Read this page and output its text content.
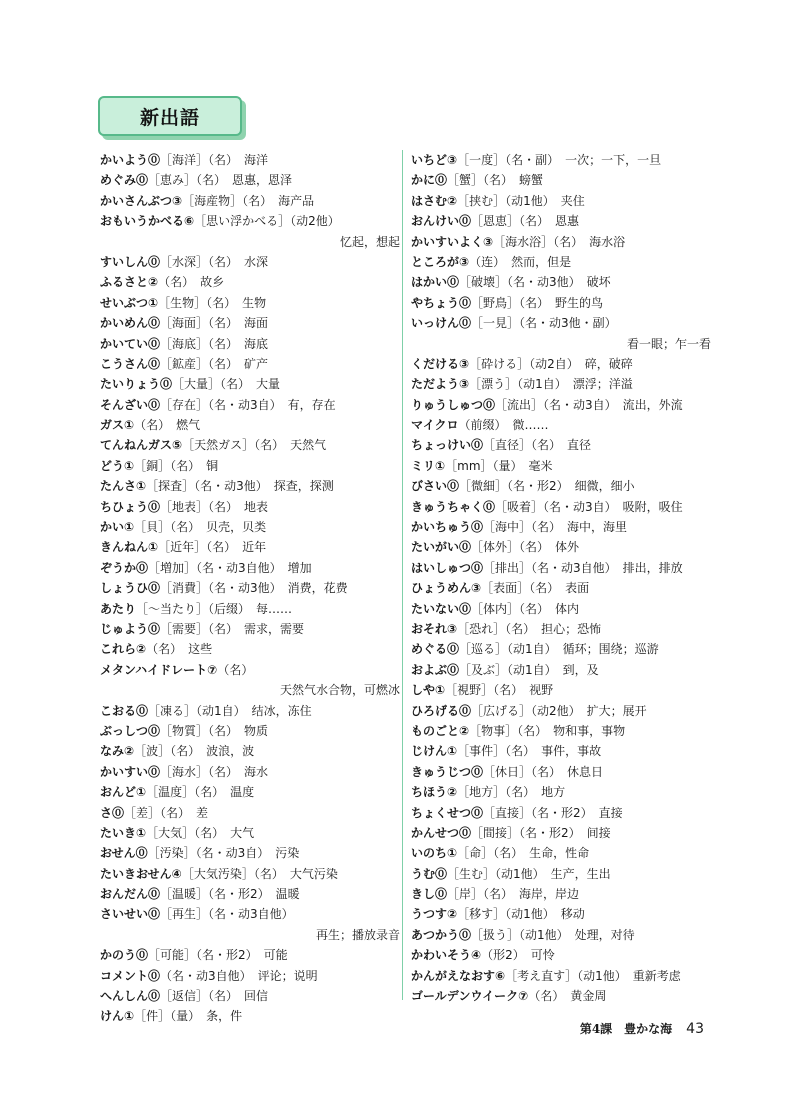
新出語
かいよう⓪［海洋］（名）　海洋
めぐみ⓪［恵み］（名）　恩惠，恩泽
かいさんぶつ③［海産物］（名）　海产品
おもいうかべる⑥［思い浮かべる］（动2他）
忆起，想起
すいしん⓪［水深］（名）　水深
ふるさと②（名）　故乡
せいぶつ①［生物］（名）　生物
かいめん⓪［海面］（名）　海面
かいてい⓪［海底］（名）　海底
こうさん⓪［鉱産］（名）　矿产
たいりょう⓪［大量］（名）　大量
そんざい⓪［存在］（名・动3自）　有，存在
ガス①（名）　燃气
てんねんガス⑤［天然ガス］（名）　天然气
どう①［銅］（名）　铜
たんさ①［探査］（名・动3他）　探查，探测
ちひょう⓪［地表］（名）　地表
かい①［貝］（名）　贝壳，贝类
きんねん①［近年］（名）　近年
ぞうか⓪［増加］（名・动3自他）　增加
しょうひ⓪［消費］（名・动3他）　消费，花费
あたり［～当たり］（后缀）　每……
じゅよう⓪［需要］（名）　需求，需要
これら②（名）　这些
メタンハイドレート⑦（名）
天然气水合物，可燃冰
こおる⓪［凍る］（动1自）　结冰，冻住
ぶっしつ⓪［物質］（名）　物质
なみ②［波］（名）　波浪，波
かいすい⓪［海水］（名）　海水
おんど①［温度］（名）　温度
さ⓪［差］（名）　差
たいき①［大気］（名）　大气
おせん⓪［汚染］（名・动3自）　污染
たいきおせん④［大気汚染］（名）　大气污染
おんだん⓪［温暖］（名・形2）　温暖
さいせい⓪［再生］（名・动3自他）
再生；播放录音
かのう⓪［可能］（名・形2）　可能
コメント⓪（名・动3自他）　评论；说明
へんしん⓪［返信］（名）　回信
けん①［件］（量）　条，件
いちど③［一度］（名・副）　一次；一下，一旦
かに⓪［蟹］（名）　螃蟹
はさむ②［挟む］（动1他）　夹住
おんけい⓪［恩恵］（名）　恩惠
かいすいよく③［海水浴］（名）　海水浴
ところが③（连）　然而，但是
はかい⓪［破壊］（名・动3他）　破坏
やちょう⓪［野鳥］（名）　野生的鸟
いっけん⓪［一見］（名・动3他・副）
看一眼；乍一看
くだける③［砕ける］（动2自）　碎，破碎
ただよう③［漂う］（动1自）　漂浮；洋溢
りゅうしゅつ⓪［流出］（名・动3自）　流出，外流
マイクロ（前缀）　微……
ちょっけい⓪［直径］（名）　直径
ミリ①［mm］（量）　毫米
びさい⓪［微細］（名・形2）　细微，细小
きゅうちゃく⓪［吸着］（名・动3自）　吸附，吸住
かいちゅう⓪［海中］（名）　海中，海里
たいがい⓪［体外］（名）　体外
はいしゅつ⓪［排出］（名・动3自他）　排出，排放
ひょうめん③［表面］（名）　表面
たいない⓪［体内］（名）　体内
おそれ③［恐れ］（名）　担心；恐怖
めぐる⓪［巡る］（动1自）　循环；围绕；巡游
およぶ⓪［及ぶ］（动1自）　到，及
しや①［視野］（名）　视野
ひろげる⓪［広げる］（动2他）　扩大；展开
ものごと②［物事］（名）　物和事，事物
じけん①［事件］（名）　事件，事故
きゅうじつ⓪［休日］（名）　休息日
ちほう②［地方］（名）　地方
ちょくせつ⓪［直接］（名・形2）　直接
かんせつ⓪［間接］（名・形2）　间接
いのち①［命］（名）　生命，性命
うむ⓪［生む］（动1他）　生产，生出
きし⓪［岸］（名）　海岸，岸边
うつす②［移す］（动1他）　移动
あつかう⓪［扱う］（动1他）　处理，对待
かわいそう④（形2）　可怜
かんがえなおす⑥［考え直す］（动1他）　重新考虑
ゴールデンウイーク⑦（名）　黄金周
第4課　豊かな海 43
